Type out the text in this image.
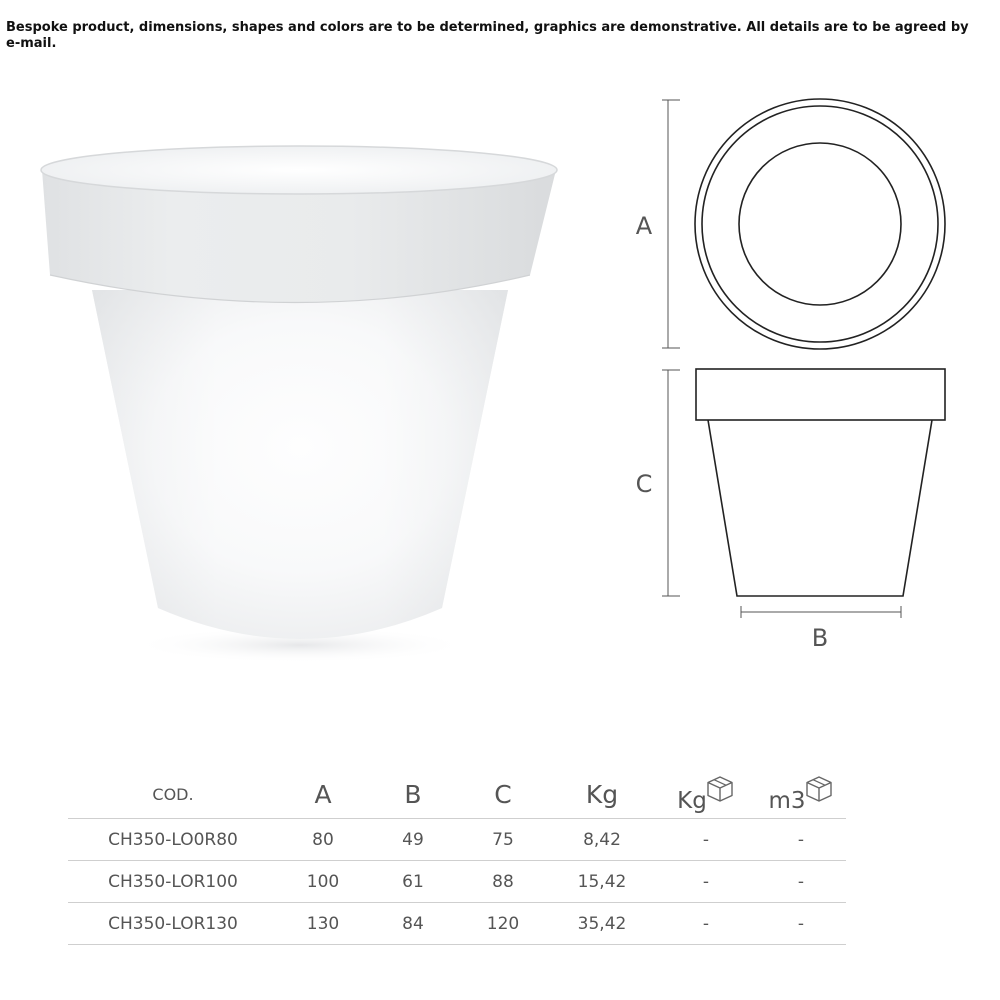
Bespoke product, dimensions, shapes and colors are to be determined, graphics are demonstrative. All details are to be agreed by e-mail.
A
C
B
COD.	A	B	C	Kg	Kg	m3
CH350-LO0R80	80	49	75	8,42	-	-
CH350-LOR100	100	61	88	15,42	-	-
CH350-LOR130	130	84	120	35,42	-	-
